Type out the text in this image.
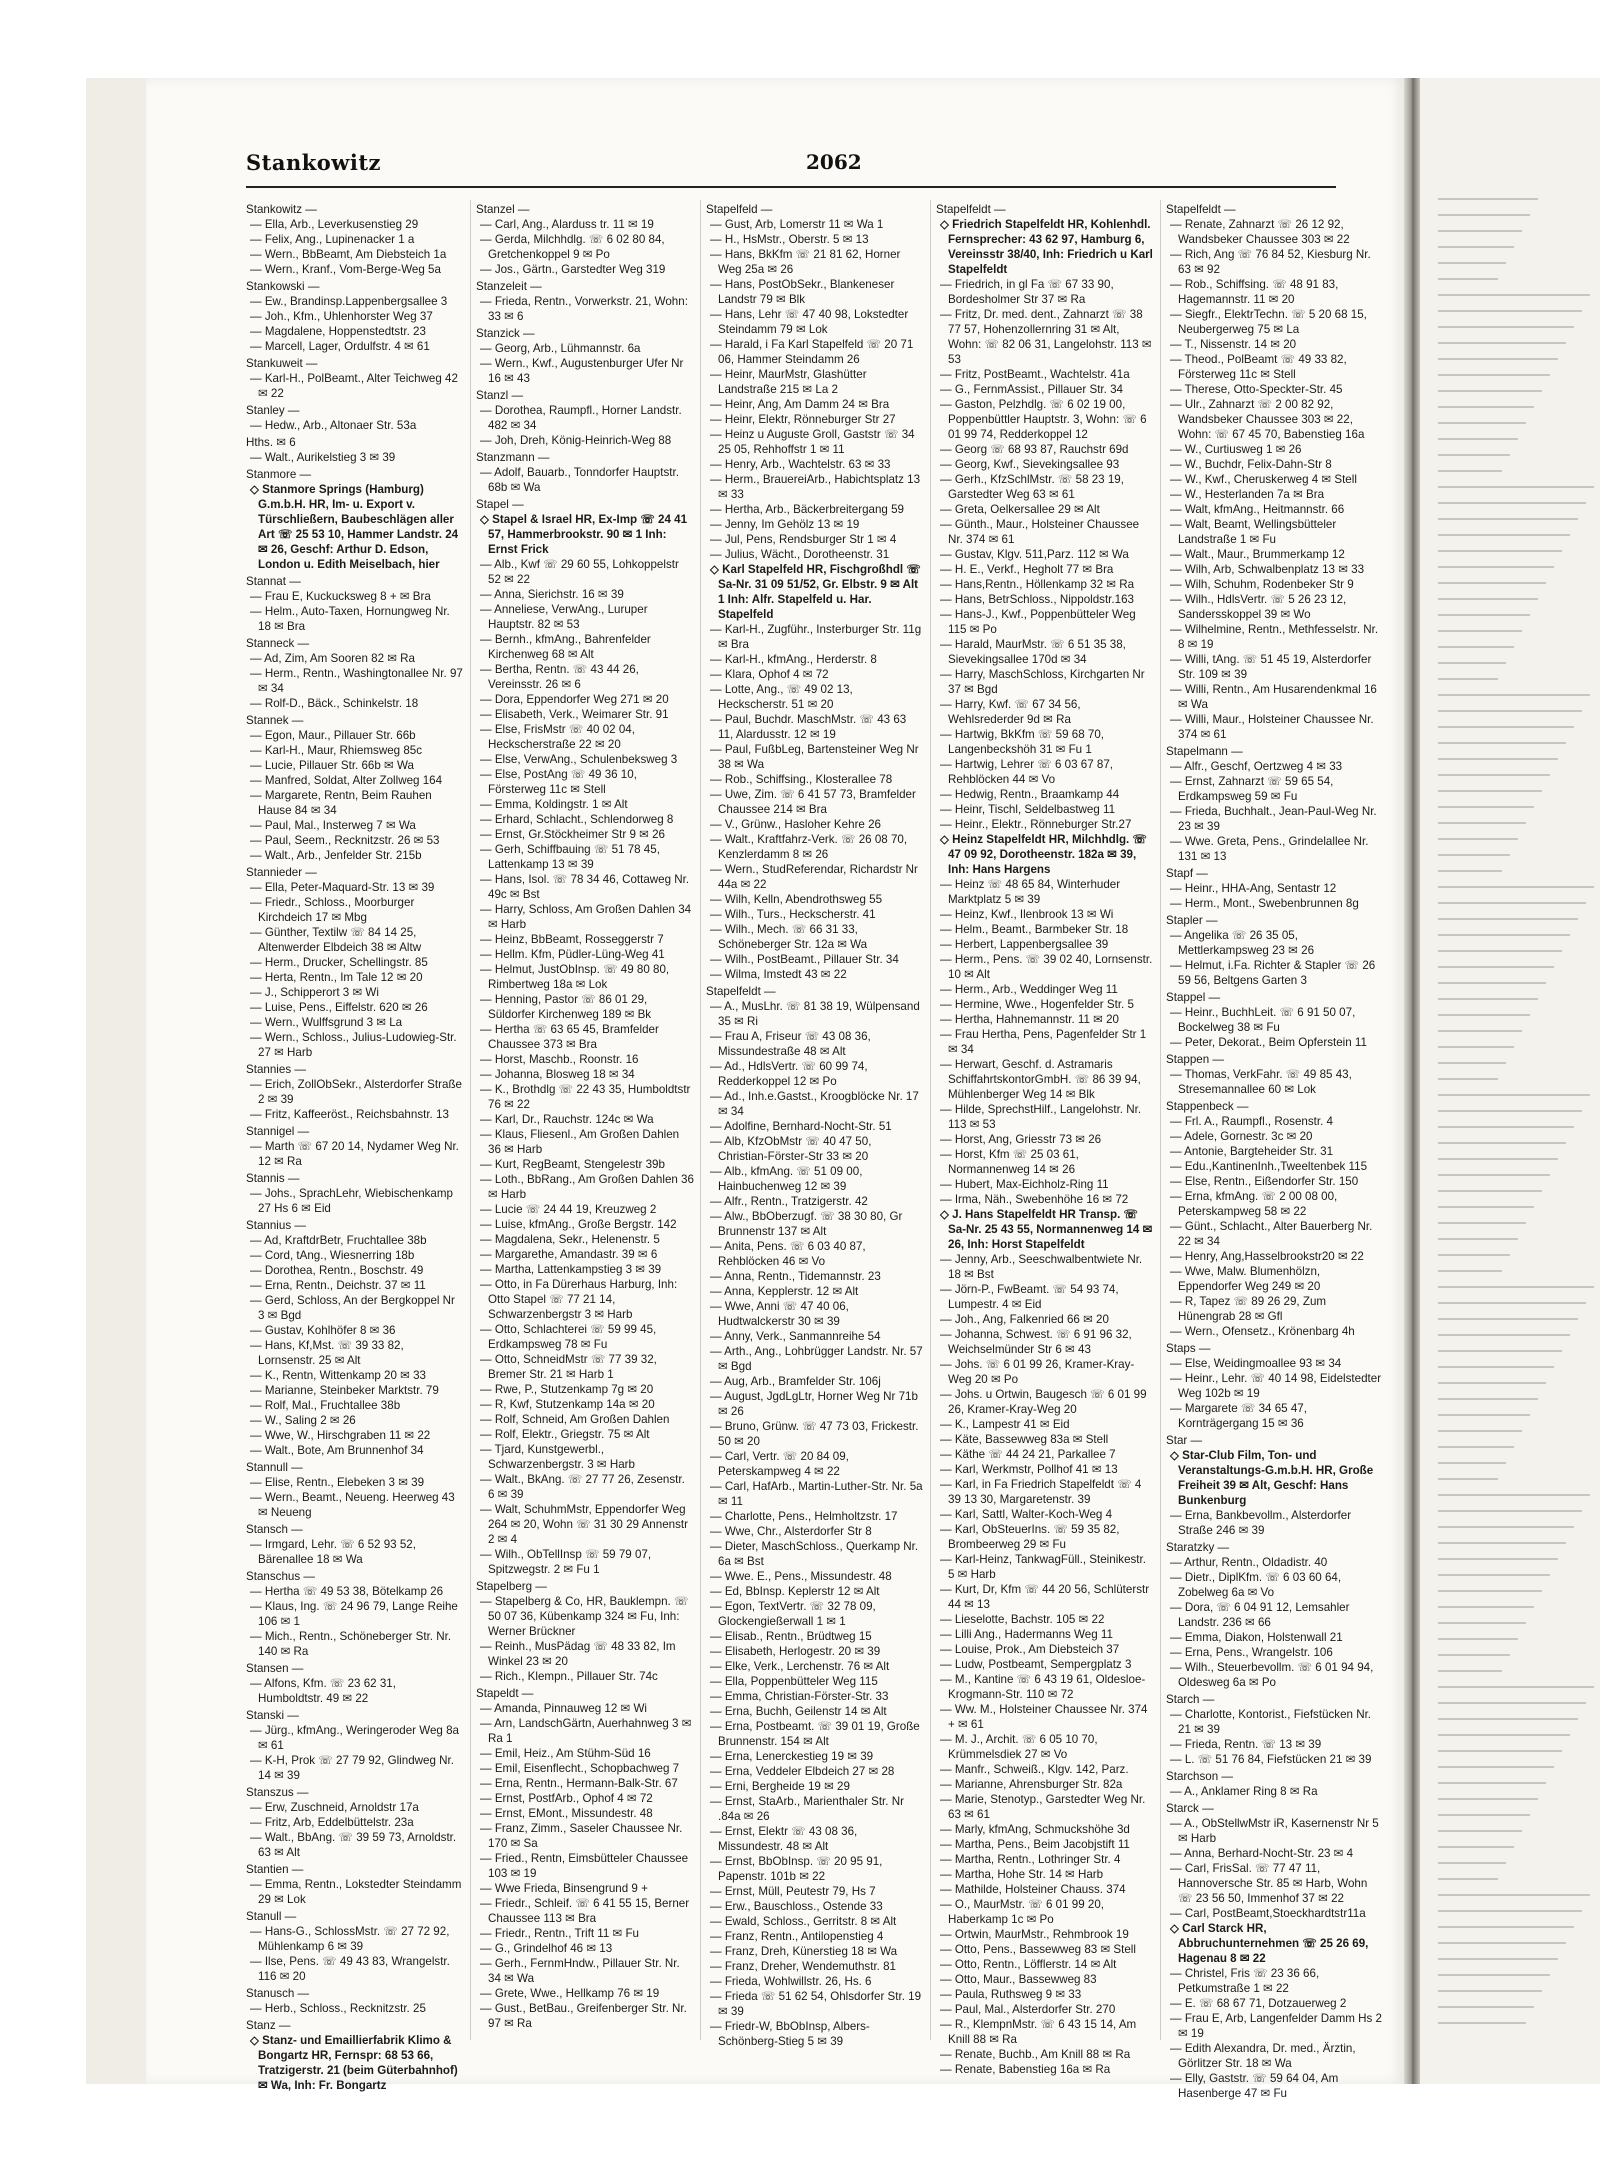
Stankowitz	2062

Stankowitz —

— Ella, Arb., Leverkusenstieg 29

— Felix, Ang., Lupinenacker 1 a

— Wern., BbBeamt, Am Diebsteich 1a

— Wern., Kranf., Vom-Berge-Weg 5a

Stankowski —

— Ew., Brandinsp.Lappenbergsallee 3

— Joh., Kfm., Uhlenhorster Weg 37

— Magdalene, Hoppenstedtstr. 23

— Marcell, Lager, Ordulfstr. 4 ✉ 61

Stankuweit —

— Karl-H., PolBeamt., Alter Teichweg 42 ✉ 22

Stanley —

— Hedw., Arb., Altonaer Str. 53a

Hths. ✉ 6

— Walt., Aurikelstieg 3 ✉ 39

Stanmore —

◇ Stanmore Springs (Hamburg) G.m.b.H. HR, Im- u. Export v. Türschließern, Baubeschlägen aller Art ☏ 25 53 10, Hammer Landstr. 24 ✉ 26, Geschf: Arthur D. Edson, London u. Edith Meiselbach, hier

Stannat —

— Frau E, Kuckucksweg 8 + ✉ Bra

— Helm., Auto-Taxen, Hornungweg Nr. 18 ✉ Bra

Stanneck —

— Ad, Zim, Am Sooren 82 ✉ Ra

— Herm., Rentn., Washingtonallee Nr. 97 ✉ 34

— Rolf-D., Bäck., Schinkelstr. 18

Stannek —

— Egon, Maur., Pillauer Str. 66b

— Karl-H., Maur, Rhiemsweg 85c

— Lucie, Pillauer Str. 66b ✉ Wa

— Manfred, Soldat, Alter Zollweg 164

— Margarete, Rentn, Beim Rauhen Hause 84 ✉ 34

— Paul, Mal., Insterweg 7 ✉ Wa

— Paul, Seem., Recknitzstr. 26 ✉ 53

— Walt., Arb., Jenfelder Str. 215b

Stannieder —

— Ella, Peter-Maquard-Str. 13 ✉ 39

— Friedr., Schloss., Moorburger Kirchdeich 17 ✉ Mbg

— Günther, Textilw ☏ 84 14 25, Altenwerder Elbdeich 38 ✉ Altw

— Herm., Drucker, Schellingstr. 85

— Herta, Rentn., Im Tale 12 ✉ 20

— J., Schipperort 3 ✉ Wi

— Luise, Pens., Eiffelstr. 620 ✉ 26

— Wern., Wulffsgrund 3 ✉ La

— Wern., Schloss., Julius-Ludowieg-Str. 27 ✉ Harb

Stannies —

— Erich, ZollObSekr., Alsterdorfer Straße 2 ✉ 39

— Fritz, Kaffeeröst., Reichsbahnstr. 13

Stannigel —

— Marth ☏ 67 20 14, Nydamer Weg Nr. 12 ✉ Ra

Stannis —

— Johs., SprachLehr, Wiebischenkamp 27 Hs 6 ✉ Eid

Stannius —

— Ad, KraftdrBetr, Fruchtallee 38b

— Cord, tAng., Wiesnerring 18b

— Dorothea, Rentn., Boschstr. 49

— Erna, Rentn., Deichstr. 37 ✉ 11

— Gerd, Schloss, An der Bergkoppel Nr 3 ✉ Bgd

— Gustav, Kohlhöfer 8 ✉ 36

— Hans, Kf,Mst. ☏ 39 33 82, Lornsenstr. 25 ✉ Alt

— K., Rentn, Wittenkamp 20 ✉ 33

— Marianne, Steinbeker Marktstr. 79

— Rolf, Mal., Fruchtallee 38b

— W., Saling 2 ✉ 26

— Wwe, W., Hirschgraben 11 ✉ 22

— Walt., Bote, Am Brunnenhof 34

Stannull —

— Elise, Rentn., Elebeken 3 ✉ 39

— Wern., Beamt., Neueng. Heerweg 43 ✉ Neueng

Stansch —

— Irmgard, Lehr. ☏ 6 52 93 52, Bärenallee 18 ✉ Wa

Stanschus —

— Hertha ☏ 49 53 38, Bötelkamp 26

— Klaus, Ing. ☏ 24 96 79, Lange Reihe 106 ✉ 1

— Mich., Rentn., Schöneberger Str. Nr. 140 ✉ Ra

Stansen —

— Alfons, Kfm. ☏ 23 62 31, Humboldtstr. 49 ✉ 22

Stanski —

— Jürg., kfmAng., Weringeroder Weg 8a ✉ 61

— K-H, Prok ☏ 27 79 92, Glindweg Nr. 14 ✉ 39

Stanszus —

— Erw, Zuschneid, Arnoldstr 17a

— Fritz, Arb, Eddelbüttelstr. 23a

— Walt., BbAng. ☏ 39 59 73, Arnoldstr. 63 ✉ Alt

Stantien —

— Emma, Rentn., Lokstedter Steindamm 29 ✉ Lok

Stanull —

— Hans-G., SchlossMstr. ☏ 27 72 92, Mühlenkamp 6 ✉ 39

— Ilse, Pens. ☏ 49 43 83, Wrangelstr. 116 ✉ 20

Stanusch —

— Herb., Schloss., Recknitzstr. 25

Stanz —

◇ Stanz- und Emaillierfabrik Klimo & Bongartz HR, Fernspr: 68 53 66, Tratzigerstr. 21 (beim Güterbahnhof) ✉ Wa, Inh: Fr. Bongartz

Stanzel —

— Carl, Ang., Alarduss tr. 11 ✉ 19

— Gerda, Milchhdlg. ☏ 6 02 80 84, Gretchenkoppel 9 ✉ Po

— Jos., Gärtn., Garstedter Weg 319

Stanzeleit —

— Frieda, Rentn., Vorwerkstr. 21, Wohn: 33 ✉ 6

Stanzick —

— Georg, Arb., Lühmannstr. 6a

— Wern., Kwf., Augustenburger Ufer Nr 16 ✉ 43

Stanzl —

— Dorothea, Raumpfl., Horner Landstr. 482 ✉ 34

— Joh, Dreh, König-Heinrich-Weg 88

Stanzmann —

— Adolf, Bauarb., Tonndorfer Hauptstr. 68b ✉ Wa

Stapel —

◇ Stapel & Israel HR, Ex-Imp ☏ 24 41 57, Hammerbrookstr. 90 ✉ 1 Inh: Ernst Frick

— Alb., Kwf ☏ 29 60 55, Lohkoppelstr 52 ✉ 22

— Anna, Sierichstr. 16 ✉ 39

— Anneliese, VerwAng., Luruper Hauptstr. 82 ✉ 53

— Bernh., kfmAng., Bahrenfelder Kirchenweg 68 ✉ Alt

— Bertha, Rentn. ☏ 43 44 26, Vereinsstr. 26 ✉ 6

— Dora, Eppendorfer Weg 271 ✉ 20

— Elisabeth, Verk., Weimarer Str. 91

— Else, FrisMstr ☏ 40 02 04, Heckscherstraße 22 ✉ 20

— Else, VerwAng., Schulenbeksweg 3

— Else, PostAng ☏ 49 36 10, Försterweg 11c ✉ Stell

— Emma, Koldingstr. 1 ✉ Alt

— Erhard, Schlacht., Schlendorweg 8

— Ernst, Gr.Stöckheimer Str 9 ✉ 26

— Gerh, Schiffbauing ☏ 51 78 45, Lattenkamp 13 ✉ 39

— Hans, Isol. ☏ 78 34 46, Cottaweg Nr. 49c ✉ Bst

— Harry, Schloss, Am Großen Dahlen 34 ✉ Harb

— Heinz, BbBeamt, Rosseggerstr 7

— Hellm. Kfm, Püdler-Lüng-Weg 41

— Helmut, JustObInsp. ☏ 49 80 80, Rimbertweg 18a ✉ Lok

— Henning, Pastor ☏ 86 01 29, Süldorfer Kirchenweg 189 ✉ Bk

— Hertha ☏ 63 65 45, Bramfelder Chaussee 373 ✉ Bra

— Horst, Maschb., Roonstr. 16

— Johanna, Blosweg 18 ✉ 34

— K., Brothdlg ☏ 22 43 35, Humboldtstr 76 ✉ 22

— Karl, Dr., Rauchstr. 124c ✉ Wa

— Klaus, Fliesenl., Am Großen Dahlen 36 ✉ Harb

— Kurt, RegBeamt, Stengelestr 39b

— Loth., BbRang., Am Großen Dahlen 36 ✉ Harb

— Lucie ☏ 24 44 19, Kreuzweg 2

— Luise, kfmAng., Große Bergstr. 142

— Magdalena, Sekr., Helenenstr. 5

— Margarethe, Amandastr. 39 ✉ 6

— Martha, Lattenkampstieg 3 ✉ 39

— Otto, in Fa Dürerhaus Harburg, Inh: Otto Stapel ☏ 77 21 14, Schwarzenbergstr 3 ✉ Harb

— Otto, Schlachterei ☏ 59 99 45, Erdkampsweg 78 ✉ Fu

— Otto, SchneidMstr ☏ 77 39 32, Bremer Str. 21 ✉ Harb 1

— Rwe, P., Stutzenkamp 7g ✉ 20

— R, Kwf, Stutzenkamp 14a ✉ 20

— Rolf, Schneid, Am Großen Dahlen

— Rolf, Elektr., Griegstr. 75 ✉ Alt

— Tjard, Kunstgewerbl., Schwarzenbergstr. 3 ✉ Harb

— Walt., BkAng. ☏ 27 77 26, Zesenstr. 6 ✉ 39

— Walt, SchuhmMstr, Eppendorfer Weg 264 ✉ 20, Wohn ☏ 31 30 29 Annenstr 2 ✉ 4

— Wilh., ObTellInsp ☏ 59 79 07, Spitzwegstr. 2 ✉ Fu 1

Stapelberg —

— Stapelberg & Co, HR, Bauklempn. ☏ 50 07 36, Kübenkamp 324 ✉ Fu, Inh: Werner Brückner

— Reinh., MusPädag ☏ 48 33 82, Im Winkel 23 ✉ 20

— Rich., Klempn., Pillauer Str. 74c

Stapeldt —

— Amanda, Pinnauweg 12 ✉ Wi

— Arn, LandschGärtn, Auerhahnweg 3 ✉ Ra 1

— Emil, Heiz., Am Stühm-Süd 16

— Emil, Eisenflecht., Schopbachweg 7

— Erna, Rentn., Hermann-Balk-Str. 67

— Ernst, PostfArb., Ophof 4 ✉ 72

— Ernst, EMont., Missundestr. 48

— Franz, Zimm., Saseler Chaussee Nr. 170 ✉ Sa

— Fried., Rentn, Eimsbütteler Chaussee 103 ✉ 19

— Wwe Frieda, Binsengrund 9 +

— Friedr., Schleif. ☏ 6 41 55 15, Berner Chaussee 113 ✉ Bra

— Friedr., Rentn., Trift 11 ✉ Fu

— G., Grindelhof 46 ✉ 13

— Gerh., FernmHndw., Pillauer Str. Nr. 34 ✉ Wa

— Grete, Wwe., Hellkamp 76 ✉ 19

— Gust., BetBau., Greifenberger Str. Nr. 97 ✉ Ra

Stapelfeld —

— Gust, Arb, Lomerstr 11 ✉ Wa 1

— H., HsMstr., Oberstr. 5 ✉ 13

— Hans, BkKfm ☏ 21 81 62, Horner Weg 25a ✉ 26

— Hans, PostObSekr., Blankeneser Landstr 79 ✉ Blk

— Hans, Lehr ☏ 47 40 98, Lokstedter Steindamm 79 ✉ Lok

— Harald, i Fa Karl Stapelfeld ☏ 20 71 06, Hammer Steindamm 26

— Heinr, MaurMstr, Glashütter Landstraße 215 ✉ La 2

— Heinr, Ang, Am Damm 24 ✉ Bra

— Heinr, Elektr, Rönneburger Str 27

— Heinz u Auguste Groll, Gaststr ☏ 34 25 05, Rehhoffstr 1 ✉ 11

— Henry, Arb., Wachtelstr. 63 ✉ 33

— Herm., BrauereiArb., Habichtsplatz 13 ✉ 33

— Hertha, Arb., Bäckerbreitergang 59

— Jenny, Im Gehölz 13 ✉ 19

— Jul, Pens, Rendsburger Str 1 ✉ 4

— Julius, Wächt., Dorotheenstr. 31

◇ Karl Stapelfeld HR, Fischgroßhdl ☏ Sa-Nr. 31 09 51/52, Gr. Elbstr. 9 ✉ Alt 1 Inh: Alfr. Stapelfeld u. Har. Stapelfeld

— Karl-H., Zugführ., Insterburger Str. 11g ✉ Bra

— Karl-H., kfmAng., Herderstr. 8

— Klara, Ophof 4 ✉ 72

— Lotte, Ang., ☏ 49 02 13, Heckscherstr. 51 ✉ 20

— Paul, Buchdr. MaschMstr. ☏ 43 63 11, Alardusstr. 12 ✉ 19

— Paul, FußbLeg, Bartensteiner Weg Nr 38 ✉ Wa

— Rob., Schiffsing., Klosterallee 78

— Uwe, Zim. ☏ 6 41 57 73, Bramfelder Chaussee 214 ✉ Bra

— V., Grünw., Hasloher Kehre 26

— Walt., Kraftfahrz-Verk. ☏ 26 08 70, Kenzlerdamm 8 ✉ 26

— Wern., StudReferendar, Richardstr Nr 44a ✉ 22

— Wilh, Kelln, Abendrothsweg 55

— Wilh., Turs., Heckscherstr. 41

— Wilh., Mech. ☏ 66 31 33, Schöneberger Str. 12a ✉ Wa

— Wilh., PostBeamt., Pillauer Str. 34

— Wilma, Imstedt 43 ✉ 22

Stapelfeldt —

— A., MusLhr. ☏ 81 38 19, Wülpensand 35 ✉ Ri

— Frau A, Friseur ☏ 43 08 36, Missundestraße 48 ✉ Alt

— Ad., HdlsVertr. ☏ 60 99 74, Redderkoppel 12 ✉ Po

— Ad., Inh.e.Gastst., Kroogblöcke Nr. 17 ✉ 34

— Adolfine, Bernhard-Nocht-Str. 51

— Alb, KfzObMstr ☏ 40 47 50, Christian-Förster-Str 33 ✉ 20

— Alb., kfmAng. ☏ 51 09 00, Hainbuchenweg 12 ✉ 39

— Alfr., Rentn., Tratzigerstr. 42

— Alw., BbOberzugf. ☏ 38 30 80, Gr Brunnenstr 137 ✉ Alt

— Anita, Pens. ☏ 6 03 40 87, Rehblöcken 46 ✉ Vo

— Anna, Rentn., Tidemannstr. 23

— Anna, Kepplerstr. 12 ✉ Alt

— Wwe, Anni ☏ 47 40 06, Hudtwalckerstr 30 ✉ 39

— Anny, Verk., Sanmannreihe 54

— Arth., Ang., Lohbrügger Landstr. Nr. 57 ✉ Bgd

— Aug, Arb., Bramfelder Str. 106j

— August, JgdLgLtr, Horner Weg Nr 71b ✉ 26

— Bruno, Grünw. ☏ 47 73 03, Frickestr. 50 ✉ 20

— Carl, Vertr. ☏ 20 84 09, Peterskampweg 4 ✉ 22

— Carl, HafArb., Martin-Luther-Str. Nr. 5a ✉ 11

— Charlotte, Pens., Helmholtzstr. 17

— Wwe, Chr., Alsterdorfer Str 8

— Dieter, MaschSchloss., Querkamp Nr. 6a ✉ Bst

— Wwe. E., Pens., Missundestr. 48

— Ed, BbInsp. Keplerstr 12 ✉ Alt

— Egon, TextVertr. ☏ 32 78 09, Glockengießerwall 1 ✉ 1

— Elisab., Rentn., Brüdtweg 15

— Elisabeth, Herlogestr. 20 ✉ 39

— Elke, Verk., Lerchenstr. 76 ✉ Alt

— Ella, Poppenbütteler Weg 115

— Emma, Christian-Förster-Str. 33

— Erna, Buchh, Geilenstr 14 ✉ Alt

— Erna, Postbeamt. ☏ 39 01 19, Große Brunnenstr. 154 ✉ Alt

— Erna, Lenerckestieg 19 ✉ 39

— Erna, Veddeler Elbdeich 27 ✉ 28

— Erni, Bergheide 19 ✉ 29

— Ernst, StaArb., Marienthaler Str. Nr .84a ✉ 26

— Ernst, Elektr ☏ 43 08 36, Missundestr. 48 ✉ Alt

— Ernst, BbObInsp. ☏ 20 95 91, Papenstr. 101b ✉ 22

— Ernst, Müll, Peutestr 79, Hs 7

— Erw., Bauschloss., Ostende 33

— Ewald, Schloss., Gerritstr. 8 ✉ Alt

— Franz, Rentn., Antilopenstieg 4

— Franz, Dreh, Künerstieg 18 ✉ Wa

— Franz, Dreher, Wendemuthstr. 81

— Frieda, Wohlwillstr. 26, Hs. 6

— Frieda ☏ 51 62 54, Ohlsdorfer Str. 19 ✉ 39

— Friedr-W, BbObInsp, Albers-Schönberg-Stieg 5 ✉ 39

Stapelfeldt —

◇ Friedrich Stapelfeldt HR, Kohlenhdl. Fernsprecher: 43 62 97, Hamburg 6, Vereinsstr 38/40, Inh: Friedrich u Karl Stapelfeldt

— Friedrich, in gl Fa ☏ 67 33 90, Bordesholmer Str 37 ✉ Ra

— Fritz, Dr. med. dent., Zahnarzt ☏ 38 77 57, Hohenzollernring 31 ✉ Alt, Wohn: ☏ 82 06 31, Langelohstr. 113 ✉ 53

— Fritz, PostBeamt., Wachtelstr. 41a

— G., FernmAssist., Pillauer Str. 34

— Gaston, Pelzhdlg. ☏ 6 02 19 00, Poppenbüttler Hauptstr. 3, Wohn: ☏ 6 01 99 74, Redderkoppel 12

— Georg ☏ 68 93 87, Rauchstr 69d

— Georg, Kwf., Sievekingsallee 93

— Gerh., KfzSchlMstr. ☏ 58 23 19, Garstedter Weg 63 ✉ 61

— Greta, Oelkersallee 29 ✉ Alt

— Günth., Maur., Holsteiner Chaussee Nr. 374 ✉ 61

— Gustav, Klgv. 511,Parz. 112 ✉ Wa

— H. E., Verkf., Hegholt 77 ✉ Bra

— Hans,Rentn., Höllenkamp 32 ✉ Ra

— Hans, BetrSchloss., Nippoldstr.163

— Hans-J., Kwf., Poppenbütteler Weg 115 ✉ Po

— Harald, MaurMstr. ☏ 6 51 35 38, Sievekingsallee 170d ✉ 34

— Harry, MaschSchloss, Kirchgarten Nr 37 ✉ Bgd

— Harry, Kwf. ☏ 67 34 56, Wehlsrederder 9d ✉ Ra

— Hartwig, BkKfm ☏ 59 68 70, Langenbeckshöh 31 ✉ Fu 1

— Hartwig, Lehrer ☏ 6 03 67 87, Rehblöcken 44 ✉ Vo

— Hedwig, Rentn., Braamkamp 44

— Heinr, Tischl, Seldelbastweg 11

— Heinr., Elektr., Rönneburger Str.27

◇ Heinz Stapelfeldt HR, Milchhdlg. ☏ 47 09 92, Dorotheenstr. 182a ✉ 39, Inh: Hans Hargens

— Heinz ☏ 48 65 84, Winterhuder Marktplatz 5 ✉ 39

— Heinz, Kwf., Ilenbrook 13 ✉ Wi

— Helm., Beamt., Barmbeker Str. 18

— Herbert, Lappenbergsallee 39

— Herm., Pens. ☏ 39 02 40, Lornsenstr. 10 ✉ Alt

— Herm., Arb., Weddinger Weg 11

— Hermine, Wwe., Hogenfelder Str. 5

— Hertha, Hahnemannstr. 11 ✉ 20

— Frau Hertha, Pens, Pagenfelder Str 1 ✉ 34

— Herwart, Geschf. d. Astramaris SchiffahrtskontorGmbH. ☏ 86 39 94, Mühlenberger Weg 14 ✉ Blk

— Hilde, SprechstHilf., Langelohstr. Nr. 113 ✉ 53

— Horst, Ang, Griesstr 73 ✉ 26

— Horst, Kfm ☏ 25 03 61, Normannenweg 14 ✉ 26

— Hubert, Max-Eichholz-Ring 11

— Irma, Näh., Swebenhöhe 16 ✉ 72

◇ J. Hans Stapelfeldt HR Transp. ☏ Sa-Nr. 25 43 55, Normannenweg 14 ✉ 26, Inh: Horst Stapelfeldt

— Jenny, Arb., Seeschwalbentwiete Nr. 18 ✉ Bst

— Jörn-P., FwBeamt. ☏ 54 93 74, Lumpestr. 4 ✉ Eid

— Joh., Ang, Falkenried 66 ✉ 20

— Johanna, Schwest. ☏ 6 91 96 32, Weichselmünder Str 6 ✉ 43

— Johs. ☏ 6 01 99 26, Kramer-Kray-Weg 20 ✉ Po

— Johs. u Ortwin, Baugesch ☏ 6 01 99 26, Kramer-Kray-Weg 20

— K., Lampestr 41 ✉ Eid

— Käte, Bassewweg 83a ✉ Stell

— Käthe ☏ 44 24 21, Parkallee 7

— Karl, Werkmstr, Pollhof 41 ✉ 13

— Karl, in Fa Friedrich Stapelfeldt ☏ 4 39 13 30, Margaretenstr. 39

— Karl, Sattl, Walter-Koch-Weg 4

— Karl, ObSteuerIns. ☏ 59 35 82, Brombeerweg 29 ✉ Fu

— Karl-Heinz, TankwagFüll., Steinikestr. 5 ✉ Harb

— Kurt, Dr, Kfm ☏ 44 20 56, Schlüterstr 44 ✉ 13

— Lieselotte, Bachstr. 105 ✉ 22

— Lilli Ang., Hadermanns Weg 11

— Louise, Prok., Am Diebsteich 37

— Ludw, Postbeamt, Sempergplatz 3

— M., Kantine ☏ 6 43 19 61, Oldesloe-Krogmann-Str. 110 ✉ 72

— Ww. M., Holsteiner Chaussee Nr. 374 + ✉ 61

— M. J., Archit. ☏ 6 05 10 70, Krümmelsdiek 27 ✉ Vo

— Manfr., Schweiß., Klgv. 142, Parz.

— Marianne, Ahrensburger Str. 82a

— Marie, Stenotyp., Garstedter Weg Nr. 63 ✉ 61

— Marly, kfmAng, Schmuckshöhe 3d

— Martha, Pens., Beim Jacobjstift 11

— Martha, Rentn., Lothringer Str. 4

— Martha, Hohe Str. 14 ✉ Harb

— Mathilde, Holsteiner Chauss. 374

— O., MaurMstr. ☏ 6 01 99 20, Haberkamp 1c ✉ Po

— Ortwin, MaurMstr., Rehmbrook 19

— Otto, Pens., Bassewweg 83 ✉ Stell

— Otto, Rentn., Löfflerstr. 14 ✉ Alt

— Otto, Maur., Bassewweg 83

— Paula, Ruthsweg 9 ✉ 33

— Paul, Mal., Alsterdorfer Str. 270

— R., KlempnMstr. ☏ 6 43 15 14, Am Knill 88 ✉ Ra

— Renate, Buchb., Am Knill 88 ✉ Ra

— Renate, Babenstieg 16a ✉ Ra

Stapelfeldt —

— Renate, Zahnarzt ☏ 26 12 92, Wandsbeker Chaussee 303 ✉ 22

— Rich, Ang ☏ 76 84 52, Kiesburg Nr. 63 ✉ 92

— Rob., Schiffsing. ☏ 48 91 83, Hagemannstr. 11 ✉ 20

— Siegfr., ElektrTechn. ☏ 5 20 68 15, Neubergerweg 75 ✉ La

— T., Nissenstr. 14 ✉ 20

— Theod., PolBeamt ☏ 49 33 82, Försterweg 11c ✉ Stell

— Therese, Otto-Speckter-Str. 45

— Ulr., Zahnarzt ☏ 2 00 82 92, Wandsbeker Chaussee 303 ✉ 22, Wohn: ☏ 67 45 70, Babenstieg 16a

— W., Curtiusweg 1 ✉ 26

— W., Buchdr, Felix-Dahn-Str 8

— W., Kwf., Cheruskerweg 4 ✉ Stell

— W., Hesterlanden 7a ✉ Bra

— Walt, kfmAng., Heitmannstr. 66

— Walt, Beamt, Wellingsbütteler Landstraße 1 ✉ Fu

— Walt., Maur., Brummerkamp 12

— Wilh, Arb, Schwalbenplatz 13 ✉ 33

— Wilh, Schuhm, Rodenbeker Str 9

— Wilh., HdlsVertr. ☏ 5 26 23 12, Sandersskoppel 39 ✉ Wo

— Wilhelmine, Rentn., Methfesselstr. Nr. 8 ✉ 19

— Willi, tAng. ☏ 51 45 19, Alsterdorfer Str. 109 ✉ 39

— Willi, Rentn., Am Husarendenkmal 16 ✉ Wa

— Willi, Maur., Holsteiner Chaussee Nr. 374 ✉ 61

Stapelmann —

— Alfr., Geschf, Oertzweg 4 ✉ 33

— Ernst, Zahnarzt ☏ 59 65 54, Erdkampsweg 59 ✉ Fu

— Frieda, Buchhalt., Jean-Paul-Weg Nr. 23 ✉ 39

— Wwe. Greta, Pens., Grindelallee Nr. 131 ✉ 13

Stapf —

— Heinr., HHA-Ang, Sentastr 12

— Herm., Mont., Swebenbrunnen 8g

Stapler —

— Angelika ☏ 26 35 05, Mettlerkampsweg 23 ✉ 26

— Helmut, i.Fa. Richter & Stapler ☏ 26 59 56, Beltgens Garten 3

Stappel —

— Heinr., BuchhLeit. ☏ 6 91 50 07, Bockelweg 38 ✉ Fu

— Peter, Dekorat., Beim Opferstein 11

Stappen —

— Thomas, VerkFahr. ☏ 49 85 43, Stresemannallee 60 ✉ Lok

Stappenbeck —

— Frl. A., Raumpfl., Rosenstr. 4

— Adele, Gornestr. 3c ✉ 20

— Antonie, Bargteheider Str. 31

— Edu.,KantinenInh.,Tweeltenbek 115

— Else, Rentn., Eißendorfer Str. 150

— Erna, kfmAng. ☏ 2 00 08 00, Peterskampweg 58 ✉ 22

— Günt., Schlacht., Alter Bauerberg Nr. 22 ✉ 34

— Henry, Ang,Hasselbrookstr20 ✉ 22

— Wwe, Malw. Blumenhölzn, Eppendorfer Weg 249 ✉ 20

— R, Tapez ☏ 89 26 29, Zum Hünengrab 28 ✉ Gfl

— Wern., Ofensetz., Krönenbarg 4h

Staps —

— Else, Weidingmoallee 93 ✉ 34

— Heinr., Lehr. ☏ 40 14 98, Eidelstedter Weg 102b ✉ 19

— Margarete ☏ 34 65 47, Kornträgergang 15 ✉ 36

Star —

◇ Star-Club Film, Ton- und Veranstaltungs-G.m.b.H. HR, Große Freiheit 39 ✉ Alt, Geschf: Hans Bunkenburg

— Erna, Bankbevollm., Alsterdorfer Straße 246 ✉ 39

Staratzky —

— Arthur, Rentn., Oldadistr. 40

— Dietr., DiplKfm. ☏ 6 03 60 64, Zobelweg 6a ✉ Vo

— Dora, ☏ 6 04 91 12, Lemsahler Landstr. 236 ✉ 66

— Emma, Diakon, Holstenwall 21

— Erna, Pens., Wrangelstr. 106

— Wilh., Steuerbevollm. ☏ 6 01 94 94, Oldesweg 6a ✉ Po

Starch —

— Charlotte, Kontorist., Fiefstücken Nr. 21 ✉ 39

— Frieda, Rentn. ☏ 13 ✉ 39

— L. ☏ 51 76 84, Fiefstücken 21 ✉ 39

Starchson —

— A., Anklamer Ring 8 ✉ Ra

Starck —

— A., ObStellwMstr iR, Kasernenstr Nr 5 ✉ Harb

— Anna, Berhard-Nocht-Str. 23 ✉ 4

— Carl, FrisSal. ☏ 77 47 11, Hannoversche Str. 85 ✉ Harb, Wohn ☏ 23 56 50, Immenhof 37 ✉ 22

— Carl, PostBeamt,Stoeckhardtstr11a

◇ Carl Starck HR, Abbruchunternehmen ☏ 25 26 69, Hagenau 8 ✉ 22

— Christel, Fris ☏ 23 36 66, Petkumstraße 1 ✉ 22

— E. ☏ 68 67 71, Dotzauerweg 2

— Frau E, Arb, Langenfelder Damm Hs 2 ✉ 19

— Edith Alexandra, Dr. med., Ärztin, Görlitzer Str. 18 ✉ Wa

— Elly, Gaststr. ☏ 59 64 04, Am Hasenberge 47 ✉ Fu
